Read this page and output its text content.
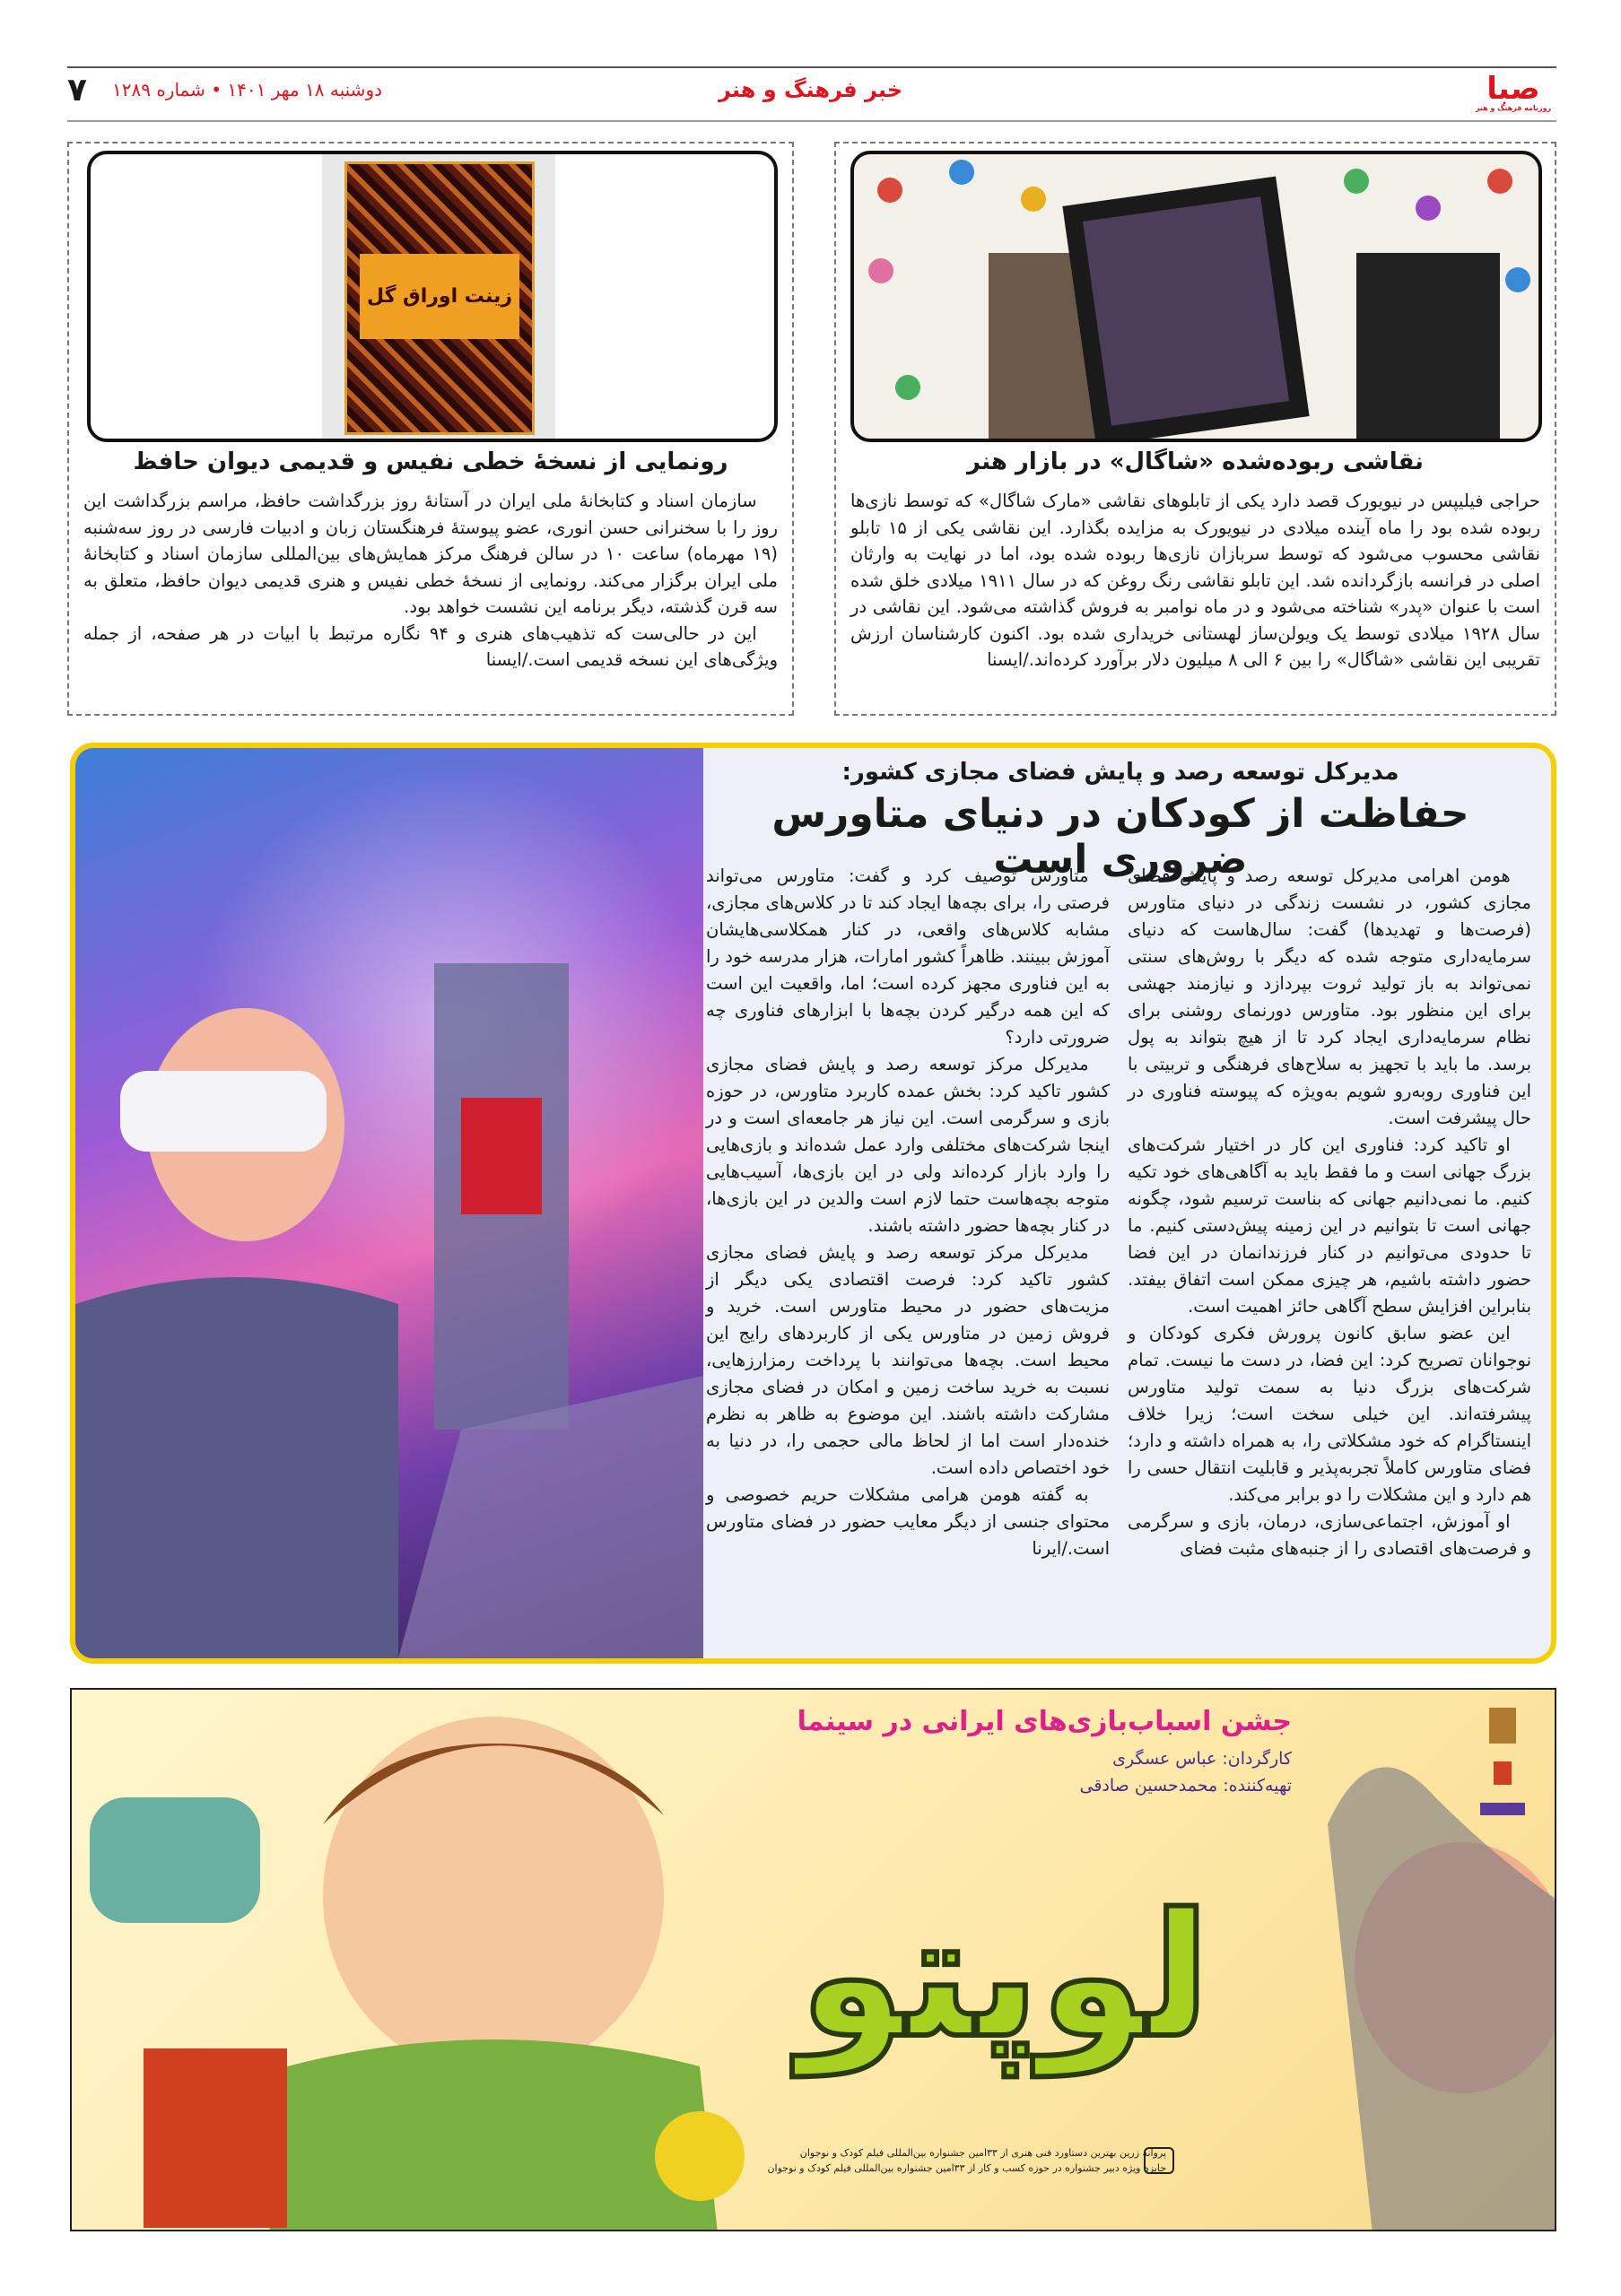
صبا
روزنامه فرهنگ و هنر
خبر فرهنگ و هنر
دوشنبه ۱۸ مهر ۱۴۰۱ • شماره ۱۲۸۹
۷
نقاشی ربوده‌شده «شاگال» در بازار هنر
حراجی فیلیپس در نیویورک قصد دارد یکی از تابلوهای نقاشی «مارک شاگال» که توسط نازی‌ها ربوده شده بود را ماه آینده میلادی در نیویورک به مزایده بگذارد. این نقاشی یکی از ۱۵ تابلو نقاشی محسوب می‌شود که توسط سربازان نازی‌ها ربوده شده بود، اما در نهایت به وارثان اصلی در فرانسه بازگردانده شد. این تابلو نقاشی رنگ روغن که در سال ۱۹۱۱ میلادی خلق شده است با عنوان «پدر» شناخته می‌شود و در ماه نوامبر به فروش گذاشته می‌شود. این نقاشی در سال ۱۹۲۸ میلادی توسط یک ویولن‌ساز لهستانی خریداری شده بود. اکنون کارشناسان ارزش تقریبی این نقاشی «شاگال» را بین ۶ الی ۸ میلیون دلار برآورد کرده‌اند./ایسنا
زینت اوراق گل
رونمایی از نسخهٔ خطی نفیس و قدیمی دیوان حافظ

سازمان اسناد و کتابخانهٔ ملی ایران در آستانهٔ روز بزرگداشت حافظ، مراسم بزرگداشت این روز را با سخنرانی حسن انوری، عضو پیوستهٔ فرهنگستان زبان و ادبیات فارسی در روز سه‌شنبه (۱۹ مهرماه) ساعت ۱۰ در سالن فرهنگ مرکز همایش‌های بین‌المللی سازمان اسناد و کتابخانهٔ ملی ایران برگزار می‌کند. رونمایی از نسخهٔ خطی نفیس و هنری قدیمی دیوان حافظ، متعلق به سه قرن گذشته، دیگر برنامه این نشست خواهد بود.

این در حالی‌ست که تذهیب‌های هنری و ۹۴ نگاره مرتبط با ابیات در هر صفحه، از جمله ویژگی‌های این نسخه قدیمی است./ایسنا

مدیرکل توسعه رصد و پایش فضای مجازی کشور:
حفاظت از کودکان در دنیای متاورس ضروری است

هومن اهرامی مدیرکل توسعه رصد و پایش فضای مجازی کشور، در نشست زندگی در دنیای متاورس (فرصت‌ها و تهدیدها) گفت: سال‌هاست که دنیای سرمایه‌داری متوجه شده که دیگر با روش‌های سنتی نمی‌تواند به باز تولید ثروت بپردازد و نیازمند جهشی برای این منظور بود. متاورس دورنمای روشنی برای نظام سرمایه‌داری ایجاد کرد تا از هیچ بتواند به پول برسد. ما باید با تجهیز به سلاح‌های فرهنگی و تربیتی با این فناوری روبه‌رو شویم به‌ویژه که پیوسته فناوری در حال پیشرفت است.

او تاکید کرد: فناوری این کار در اختیار شرکت‌های بزرگ جهانی است و ما فقط باید به آگاهی‌های خود تکیه کنیم. ما نمی‌دانیم جهانی که بناست ترسیم شود، چگونه جهانی است تا بتوانیم در این زمینه پیش‌دستی کنیم. ما تا حدودی می‌توانیم در کنار فرزندانمان در این فضا حضور داشته باشیم، هر چیزی ممکن است اتفاق بیفتد. بنابراین افزایش سطح آگاهی حائز اهمیت است.

این عضو سابق کانون پرورش فکری کودکان و نوجوانان تصریح کرد: این فضا، در دست ما نیست. تمام شرکت‌های بزرگ دنیا به سمت تولید متاورس پیشرفته‌اند. این خیلی سخت است؛ زیرا خلاف اینستاگرام که خود مشکلاتی را، به همراه داشته و دارد؛ فضای متاورس کاملاً تجربه‌پذیر و قابلیت انتقال حسی را هم دارد و این مشکلات را دو برابر می‌کند.

او آموزش، اجتماعی‌سازی، درمان، بازی و سرگرمی و فرصت‌های اقتصادی را از جنبه‌های مثبت فضای

متاورس توصیف کرد و گفت: متاورس می‌تواند فرصتی را، برای بچه‌ها ایجاد کند تا در کلاس‌های مجازی، مشابه کلاس‌های واقعی، در کنار همکلاسی‌هایشان آموزش ببینند. ظاهراً کشور امارات، هزار مدرسه خود را به این فناوری مجهز کرده است؛ اما، واقعیت این است که این همه درگیر کردن بچه‌ها با ابزارهای فناوری چه ضرورتی دارد؟

مدیرکل مرکز توسعه رصد و پایش فضای مجازی کشور تاکید کرد: بخش عمده کاربرد متاورس، در حوزه بازی و سرگرمی است. این نیاز هر جامعه‌ای است و در اینجا شرکت‌های مختلفی وارد عمل شده‌اند و بازی‌هایی را وارد بازار کرده‌اند ولی در این بازی‌ها، آسیب‌هایی متوجه بچه‌هاست حتما لازم است والدین در این بازی‌ها، در کنار بچه‌ها حضور داشته باشند.

مدیرکل مرکز توسعه رصد و پایش فضای مجازی کشور تاکید کرد: فرصت اقتصادی یکی دیگر از مزیت‌های حضور در محیط متاورس است. خرید و فروش زمین در متاورس یکی از کاربردهای رایج این محیط است. بچه‌ها می‌توانند با پرداخت رمزارزهایی، نسبت به خرید ساخت زمین و امکان در فضای مجازی مشارکت داشته باشند. این موضوع به ظاهر به نظرم خنده‌دار است اما از لحاظ مالی حجمی را، در دنیا به خود اختصاص داده است.

به گفته هومن هرامی مشکلات حریم خصوصی و محتوای جنسی از دیگر معایب حضور در فضای متاورس است./ایرنا

لوپتو
جشن اسباب‌بازی‌های ایرانی در سینما
کارگردان: عباس عسگری
تهیه‌کننده: محمدحسین صادقی
پروانه زرین بهترین دستاورد فنی هنری از ۳۳امین جشنواره بین‌المللی فیلم کودک و نوجوان
جایزه ویژه دبیر جشنواره در حوزه کسب و کار از ۳۳امین جشنواره بین‌المللی فیلم کودک و نوجوان
